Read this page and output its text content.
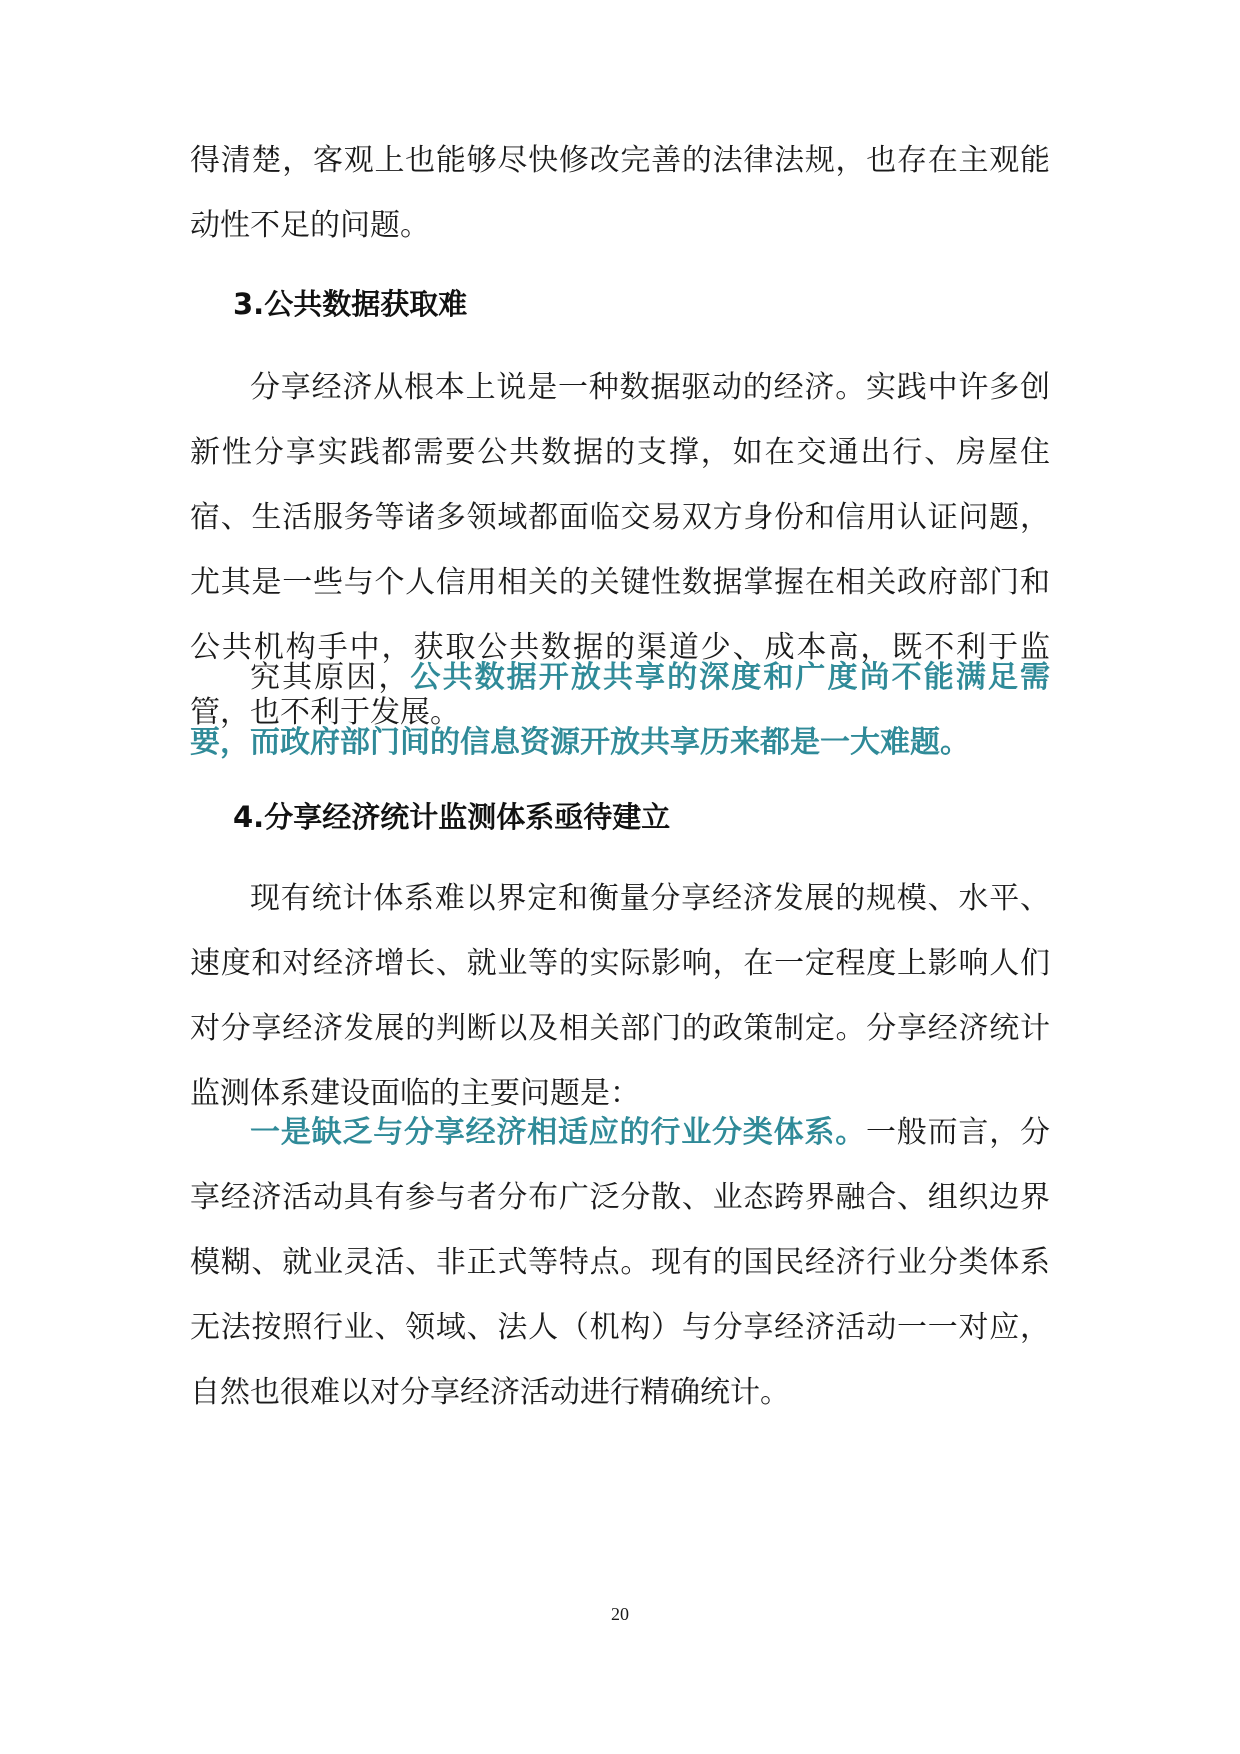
得清楚，客观上也能够尽快修改完善的法律法规，也存在主观能动性不足的问题。

3.公共数据获取难

分享经济从根本上说是一种数据驱动的经济。实践中许多创新性分享实践都需要公共数据的支撑，如在交通出行、房屋住宿、生活服务等诸多领域都面临交易双方身份和信用认证问题，尤其是一些与个人信用相关的关键性数据掌握在相关政府部门和公共机构手中，获取公共数据的渠道少、成本高，既不利于监管，也不利于发展。

究其原因，公共数据开放共享的深度和广度尚不能满足需要，而政府部门间的信息资源开放共享历来都是一大难题。

4.分享经济统计监测体系亟待建立

现有统计体系难以界定和衡量分享经济发展的规模、水平、速度和对经济增长、就业等的实际影响，在一定程度上影响人们对分享经济发展的判断以及相关部门的政策制定。分享经济统计监测体系建设面临的主要问题是：

一是缺乏与分享经济相适应的行业分类体系。一般而言，分享经济活动具有参与者分布广泛分散、业态跨界融合、组织边界模糊、就业灵活、非正式等特点。现有的国民经济行业分类体系无法按照行业、领域、法人（机构）与分享经济活动一一对应，自然也很难以对分享经济活动进行精确统计。

20
